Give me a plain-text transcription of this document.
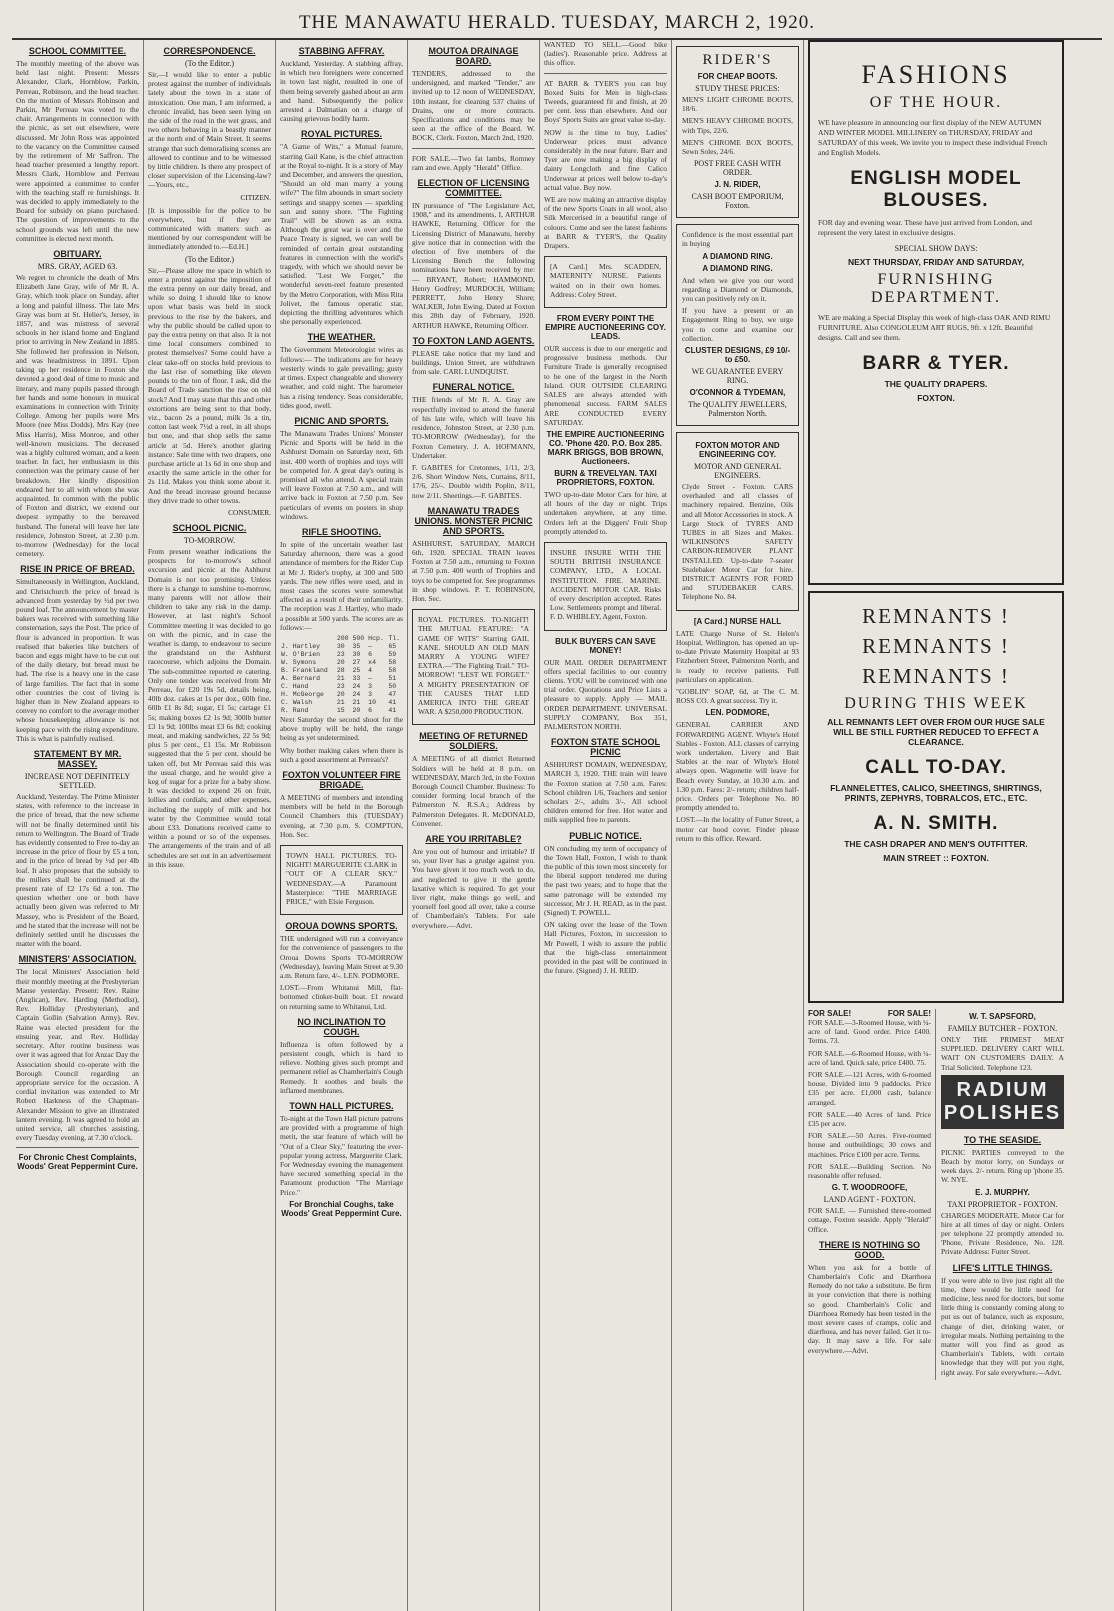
THE MANAWATU HERALD. TUESDAY, MARCH 2, 1920.
SCHOOL COMMITTEE.

The monthly meeting of the above was held last night. Present: Messrs Alexander, Clark, Hornblow, Parkin, Perreau, Robinson, and the head teacher. On the motion of Messrs Robinson and Parkin, Mr Perreau was voted to the chair. Arrangements in connection with the picnic, as set out elsewhere, were discussed. Mr John Ross was appointed to the vacancy on the Committee caused by the retirement of Mr Saffron. The head teacher presented a lengthy report. Messrs Clark, Hornblow and Perreau were appointed a committee to confer with the teaching staff re furnishings. It was decided to apply immediately to the Board for subsidy on piano purchased. The question of improvements to the school grounds was left until the new committee is elected next month.

OBITUARY.
MRS. GRAY, AGED 63.

We regret to chronicle the death of Mrs Elizabeth Jane Gray, wife of Mr R. A. Gray, which took place on Sunday, after a long and painful illness. The late Mrs Gray was born at St. Helier's, Jersey, in 1857, and was mistress of several schools in her island home and England prior to arriving in New Zealand in 1885. She followed her profession in Nelson, and was headmistress in 1891. Upon taking up her residence in Foxton she devoted a good deal of time to music and literary, and many pupils passed through her hands and some honours in musical examinations in connection with Trinity College. Among her pupils were Mrs Moore (nee Miss Dodds), Mrs Kay (nee Miss Harris), Miss Monroe, and other well-known musicians. The deceased was a highly cultured woman, and a keen teacher. In fact, her enthusiasm in this connection was the primary cause of her breakdown. Her kindly disposition endeared her to all with whom she was acquainted. In common with the public of Foxton and district, we extend our deepest sympathy to the bereaved husband. The funeral will leave her late residence, Johnston Street, at 2.30 p.m. to-morrow (Wednesday) for the local cemetery.

RISE IN PRICE OF BREAD.

Simultaneously in Wellington, Auckland, and Christchurch the price of bread is advanced from yesterday by ½d per two pound loaf. The announcement by master bakers was received with something like consternation, says the Post. The price of flour is advanced in proportion. It was realised that bakeries like butchers of bacon and eggs might have to be cut out of the daily dietary, but bread must be had. The rise is a heavy one in the case of large families. The fact that in some other countries the cost of living is higher than in New Zealand appears to convey no comfort to the average mother whose housekeeping allowance is not keeping pace with the rising expenditure. This is what is painfully realised.

STATEMENT BY MR. MASSEY.
INCREASE NOT DEFINITELY SETTLED.

Auckland, Yesterday. The Prime Minister states, with reference to the increase in the price of bread, that the new scheme will not be finally determined until his return to Wellington. The Board of Trade has evidently consented to Free to-day an increase in the price of flour by £5 a ton, and in the price of bread by ½d per 4lb loaf. It also proposes that the subsidy to the millers shall be continued at the present rate of £2 17s 6d a ton. The question whether one or both have actually been given was referred to Mr Massey, who is President of the Board, and he stated that the increase will not be definitely settled until he discusses the matter with the board.

MINISTERS' ASSOCIATION.

The local Ministers' Association held their monthly meeting at the Presbyterian Manse yesterday. Present: Rev. Raine (Anglican), Rev. Harding (Methodist), Rev. Holliday (Presbyterian), and Captain Gollin (Salvation Army). Rev. Raine was elected president for the ensuing year, and Rev. Holliday secretary. After routine business was over it was agreed that for Anzac Day the Association should co-operate with the Borough Council regarding an appropriate service for the occasion. A cordial invitation was extended to Mr Robert Harkness of the Chapman-Alexander Mission to give an illustrated lantern evening. It was agreed to hold an united service, all churches assisting, every Tuesday evening, at 7.30 o'clock.

For Chronic Chest Complaints, Woods' Great Peppermint Cure.
CORRESPONDENCE.
(To the Editor.)

Sir,—I would like to enter a public protest against the number of individuals lately about the town in a state of intoxication. One man, I am informed, a chronic invalid, has been seen lying on the side of the road in the wet grass, and two others behaving in a beastly manner at the north end of Main Street. It seems strange that such demoralising scenes are allowed to continue and to be witnessed by little children. Is there any prospect of closer supervision of the Licensing-law?—Yours, etc.,

CITIZEN.

[It is impossible for the police to be everywhere, but if they are communicated with matters such as mentioned by our correspondent will be immediately attended to.—Ed.H.]

(To the Editor.)

Sir,—Please allow me space in which to enter a protest against the imposition of the extra penny on our daily bread, and while so doing I should like to know upon what basis was held in stock previous to the rise by the bakers, and why the public should be called upon to pay the extra penny on that also. It is not time local consumers combined to protest themselves? Some could have a clear take-off on stocks held previous to the last rise of something like eleven pounds to the ton of flour. I ask, did the Board of Trade sanction the rise on old stock? And I may state that this and other extortions are being sent to that body, viz., bacon 2s a pound, milk 3s a tin, cotton last week 7½d a reel, in all shops but one, and that shop sells the same article at 5d. Here's another glaring instance: Sale time with two drapers, one purchase article at 1s 6d in one shop and exactly the same article in the other for 2s 11d. Makes you think some about it. And the bread increase ground because they drive trade to other towns.

CONSUMER.
SCHOOL PICNIC.
TO-MORROW.

From present weather indications the prospects for to-morrow's school excursion and picnic at the Ashhurst Domain is not too promising. Unless there is a change to sunshine to-morrow, many parents will not allow their children to take any risk in the damp. However, at last night's School Committee meeting it was decided to go on with the picnic, and in case the weather is damp, to endeavour to secure the grandstand on the Ashhurst racecourse, which adjoins the Domain. The sub-committee reported re catering. Only one tender was received from Mr Perreau, for £20 19s 5d, details being, 40lb doz. cakes at 1s per doz., 60lb fine, 60lb £1 8s 8d; sugar, £1 5s; cartage £1 5s; making boxes £2 1s 9d; 300lb butter £3 1s 9d; 100lbs meat £3 6s 8d; cooking meat, and making sandwiches, 22 5s 9d; plus 5 per cent., £1 15s. Mr Robinson suggested that the 5 per cent. should be taken off, but Mr Perreau said this was the usual charge, and he would give a keg of sugar for a prize for a baby show. It was decided to expend 26 on fruit, lollies and cordials, and other expenses, including the supply of milk and hot water by the Committee would total about £33. Donations received came to within a pound or so of the expenses. The arrangements of the train and of all schedules are set out in an advertisement in this issue.

STABBING AFFRAY.

Auckland, Yesterday. A stabbing affray, in which two foreigners were concerned in town last night, resulted in one of them being severely gashed about an arm and hand. Subsequently the police arrested a Dalmatian on a charge of causing grievous bodily harm.

ROYAL PICTURES.

"A Game of Wits," a Mutual feature, starring Gail Kane, is the chief attraction at the Royal to-night. It is a story of May and December, and answers the question, "Should an old man marry a young wife?" The film abounds in smart society settings and snappy scenes — sparkling sun and sunny shore. "The Fighting Trail" will be shown as an extra. Although the great war is over and the Peace Treaty is signed, we can well be reminded of certain great outstanding features in connection with the world's tragedy, with which we should never be satisfied. "Lest We Forget," the wonderful seven-reel feature presented by the Metro Corporation, with Miss Rita Jolivet, the famous operatic star, depicting the thrilling adventures which she personally experienced.

THE WEATHER.

The Government Meteorologist wires as follows:— The indications are for heavy westerly winds to gale prevailing; gusty at times. Expect changeable and showery weather, and cold night. The barometer has a rising tendency. Seas considerable, tides good, swell.

PICNIC AND SPORTS.

The Manawatu Trades Unions' Monster Picnic and Sports will be held in the Ashhurst Domain on Saturday next, 6th inst. 400 worth of trophies and toys will be competed for. A great day's outing is promised all who attend. A special train will leave Foxton at 7.50 a.m., and will arrive back in Foxton at 7.50 p.m. See particulars of events on posters in shop windows.

RIFLE SHOOTING.

In spite of the uncertain weather last Saturday afternoon, there was a good attendance of members for the Rider Cup at Mr J. Rider's trophy, at 300 and 500 yards. The new rifles were used, and in most cases the scores were somewhat affected as a result of their unfamiliarity. The reception was J. Hartley, who made a possible at 500 yards. The scores are as follows:—

	200	500	Hcp.	Tl.
J. Hartley	30	35	—	65
W. O'Brien	23	30	6	59
W. Symons	20	27	x4	58
B. Frankland	28	25	4	58
A. Bernard	21	33	—	51
C. Hand	23	24	3	50
H. McGeorge	20	24	3	47
C. Walsh	21	21	10	41
R. Rand	15	20	6	41

Next Saturday the second shoot for the above trophy will be held, the range being as yet undetermined.

Why bother making cakes when there is such a good assortment at Perreau's?

FOXTON VOLUNTEER FIRE BRIGADE.

A MEETING of members and intending members will be held in the Borough Council Chambers this (TUESDAY) evening, at 7.30 p.m. S. COMPTON, Hon. Sec.

TOWN HALL PICTURES. TO-NIGHT! MARGUERITE CLARK in "OUT OF A CLEAR SKY." WEDNESDAY.—A Paramount Masterpiece: "THE MARRIAGE PRICE," with Elsie Ferguson.

OROUA DOWNS SPORTS.

THE undersigned will run a conveyance for the convenience of passengers to the Oroua Downs Sports TO-MORROW (Wednesday), leaving Main Street at 9.30 a.m. Return fare, 4/-. LEN. PODMORE.

LOST.—From Whitanui Mill, flat-bottomed clinker-built boat. £1 reward on returning same to Whitanui, Ltd.

NO INCLINATION TO COUGH.

Influenza is often followed by a persistent cough, which is hard to relieve. Nothing gives such prompt and permanent relief as Chamberlain's Cough Remedy. It soothes and heals the inflamed membranes.

TOWN HALL PICTURES.

To-night at the Town Hall picture patrons are provided with a programme of high merit, the star feature of which will be "Out of a Clear Sky," featuring the ever-popular young actress, Marguerite Clark. For Wednesday evening the management have secured something special in the Paramount production "The Marriage Price."

For Bronchial Coughs, take Woods' Great Peppermint Cure.
MOUTOA DRAINAGE BOARD.

TENDERS, addressed to the undersigned, and marked "Tender," are invited up to 12 noon of WEDNESDAY, 10th instant, for cleaning 537 chains of Drains, one or more contracts. Specifications and conditions may be seen at the office of the Board. W. BOCK, Clerk. Foxton, March 2nd, 1920.

FOR SALE.—Two fat lambs, Romney ram and ewe. Apply "Herald" Office.

ELECTION OF LICENSING COMMITTEE.

IN pursuance of "The Legislature Act, 1908," and its amendments, I, ARTHUR HAWKE, Returning Officer for the Licensing District of Manawatu, hereby give notice that in connection with the election of five members of the Licensing Bench the following nominations have been received by me:— BRYANT, Robert; HAMMOND, Henry Godfrey; MURDOCH, William; PERRETT, John Henry Shore; WALKER, John Ewing. Dated at Foxton this 28th day of February, 1920. ARTHUR HAWKE, Returning Officer.

TO FOXTON LAND AGENTS.

PLEASE take notice that my land and buildings, Union Street, are withdrawn from sale. CARL LUNDQUIST.

FUNERAL NOTICE.

THE friends of Mr R. A. Gray are respectfully invited to attend the funeral of his late wife, which will leave his residence, Johnston Street, at 2.30 p.m. TO-MORROW (Wednesday), for the Foxton Cemetery. J. A. HOFMANN, Undertaker.

F. GABITES for Cretonnes, 1/11, 2/3, 2/6. Short Window Nets, Curtains, 8/11, 17/6, 25/-. Double width Poplin, 8/11, now 2/11. Sheetings.—F. GABITES.

MANAWATU TRADES UNIONS. MONSTER PICNIC AND SPORTS.

ASHHURST, SATURDAY, MARCH 6th, 1920. SPECIAL TRAIN leaves Foxton at 7.50 a.m., returning to Foxton at 7.50 p.m. 400 worth of Trophies and toys to be competed for. See programmes in shop windows. P. T. ROBINSON, Hon. Sec.

ROYAL PICTURES. TO-NIGHT! THE MUTUAL FEATURE: "A GAME OF WITS" Starring GAIL KANE. SHOULD AN OLD MAN MARRY A YOUNG WIFE? EXTRA.—"The Fighting Trail." TO-MORROW! "LEST WE FORGET." A MIGHTY PRESENTATION OF THE CAUSES THAT LED AMERICA INTO THE GREAT WAR. A $250,000 PRODUCTION.

MEETING OF RETURNED SOLDIERS.

A MEETING of all district Returned Soldiers will be held at 8 p.m. on WEDNESDAY, March 3rd, in the Foxton Borough Council Chamber. Business: To consider forming local branch of the Palmerston N. R.S.A.; Address by Palmerston Delegates. R. McDONALD, Convener.

ARE YOU IRRITABLE?

Are you out of humour and irritable? If so, your liver has a grudge against you. You have given it too much work to do, and neglected to give it the gentle laxative which is required. To get your liver right, make things go well, and yourself feel good all over, take a course of Chamberlain's Tablets. For sale everywhere.—Advt.

WANTED TO SELL.—Good bike (ladies'). Reasonable price. Address at this office.

AT BARR & TYER'S you can buy Boxed Suits for Men in high-class Tweeds, guaranteed fit and finish, at 20 per cent. less than elsewhere. And our Boys' Sports Suits are great value to-day.

NOW is the time to buy, Ladies' Underwear prices must advance considerably in the near future. Barr and Tyer are now making a big display of dainty Longcloth and fine Calico Underwear at prices well below to-day's actual value. Buy now.

WE are now making an attractive display of the new Sports Coats in all wool, also Silk Mercerised in a beautiful range of colours. Come and see the latest fashions at BARR & TYER'S, the Quality Drapers.

[A Card.] Mrs. SCADDEN, MATERNITY NURSE. Patients waited on in their own homes. Address: Coley Street.

FROM EVERY POINT THE EMPIRE AUCTIONEERING COY. LEADS.

OUR success is due to our energetic and progressive business methods. Our Furniture Trade is generally recognised to be one of the largest in the North Island. OUR OUTSIDE CLEARING SALES are always attended with phenomenal success. FARM SALES ARE CONDUCTED EVERY SATURDAY.

THE EMPIRE AUCTIONEERING CO. 'Phone 420. P.O. Box 285. MARK BRIGGS, BOB BROWN, Auctioneers.
BURN & TREVELYAN. TAXI PROPRIETORS, FOXTON.

TWO up-to-date Motor Cars for hire, at all hours of the day or night. Trips undertaken anywhere, at any time. Orders left at the Diggers' Fruit Shop promptly attended to.

INSURE INSURE WITH THE SOUTH BRITISH INSURANCE COMPANY, LTD., A LOCAL INSTITUTION. FIRE. MARINE. ACCIDENT. MOTOR CAR. Risks of every description accepted. Rates Low. Settlements prompt and liberal. F. D. WHIBLEY, Agent, Foxton.

BULK BUYERS CAN SAVE MONEY!

OUR MAIL ORDER DEPARTMENT offers special facilities to our country clients. YOU will be convinced with one trial order. Quotations and Price Lists a pleasure to supply. Apply — MAIL ORDER DEPARTMENT. UNIVERSAL SUPPLY COMPANY, Box 351, PALMERSTON NORTH.

FOXTON STATE SCHOOL PICNIC

ASHHURST DOMAIN, WEDNESDAY, MARCH 3, 1920. THE train will leave the Foxton station at 7.50 a.m. Fares: School children 1/6, Teachers and senior scholars 2/-, adults 3/-. All school children entered for free. Hot water and milk supplied free to parents.

PUBLIC NOTICE.

ON concluding my term of occupancy of the Town Hall, Foxton, I wish to thank the public of this town most sincerely for the liberal support tendered me during the past two years; and to hope that the same patronage will be extended my successor, Mr J. H. READ, as in the past. (Signed) T. POWELL.

ON taking over the lease of the Town Hall Pictures, Foxton, in succession to Mr Powell, I wish to assure the public that the high-class entertainment provided in the past will be continued in the future. (Signed) J. H. REID.

RIDER'S
FOR CHEAP BOOTS.
STUDY THESE PRICES:

MEN'S LIGHT CHROME BOOTS, 18/6.

MEN'S HEAVY CHROME BOOTS, with Tips, 22/6.

MEN'S CHROME BOX BOOTS, Sewn Soles, 24/6.

POST FREE CASH WITH ORDER.
J. N. RIDER,
CASH BOOT EMPORIUM, Foxton.

Confidence is the most essential part in buying

A DIAMOND RING.
A DIAMOND RING.

And when we give you our word regarding a Diamond or Diamonds, you can positively rely on it.

If you have a present or an Engagement Ring to buy, we urge you to come and examine our collection.

CLUSTER DESIGNS, £9 10/- to £50.
WE GUARANTEE EVERY RING.
O'CONNOR & TYDEMAN,
The QUALITY JEWELLERS, Palmerston North.
FOXTON MOTOR AND ENGINEERING COY.
MOTOR AND GENERAL ENGINEERS.

Clyde Street - Foxton. CARS overhauled and all classes of machinery repaired. Benzine, Oils and all Motor Accessories in stock. A Large Stock of TYRES AND TUBES in all Sizes and Makes. WILKINSON'S SAFETY CARBON-REMOVER PLANT INSTALLED. Up-to-date 7-seater Studebaker Motor Car for hire. DISTRICT AGENTS FOR FORD and STUDEBAKER CARS. Telephone No. 84.

[A Card.] NURSE HALL

LATE Charge Nurse of St. Helen's Hospital, Wellington, has opened an up-to-date Private Maternity Hospital at 93 Fitzherbert Street, Palmerston North, and is ready to receive patients. Full particulars on application.

"GOBLIN" SOAP, 6d, at The C. M. ROSS CO. A great success. Try it.

LEN. PODMORE,

GENERAL CARRIER AND FORWARDING AGENT. Whyte's Hotel Stables - Foxton. ALL classes of carrying work undertaken. Livery and Bait Stables at the rear of Whyte's Hotel always open. Wagonette will leave for Beach every Sunday, at 10.30 a.m. and 1.30 p.m. Fares: 2/- return; children half-price. Orders per Telephone No. 80 promptly attended to.

LOST.—In the locality of Futter Street, a motor car hood cover. Finder please return to this office. Reward.

FASHIONS
OF THE HOUR.

WE have pleasure in announcing our first display of the NEW AUTUMN AND WINTER MODEL MILLINERY on THURSDAY, FRIDAY and SATURDAY of this week. We invite you to inspect these individual French and English Models.

ENGLISH MODEL BLOUSES.

FOR day and evening wear. These have just arrived from London, and represent the very latest in exclusive designs.

SPECIAL SHOW DAYS:
NEXT THURSDAY, FRIDAY AND SATURDAY,
FURNISHING DEPARTMENT.

WE are making a Special Display this week of high-class OAK AND RIMU FURNITURE. Also CONGOLEUM ART RUGS, 9ft. x 12ft. Beautiful designs. Call and see them.

BARR & TYER.
THE QUALITY DRAPERS.
FOXTON.
REMNANTS !
REMNANTS !
REMNANTS !
DURING THIS WEEK
ALL REMNANTS LEFT OVER FROM OUR HUGE SALE WILL BE STILL FURTHER REDUCED TO EFFECT A CLEARANCE.
CALL TO-DAY.
FLANNELETTES, CALICO, SHEETINGS, SHIRTINGS, PRINTS, ZEPHYRS, TOBRALCOS, ETC., ETC.
A. N. SMITH.
THE CASH DRAPER AND MEN'S OUTFITTER.
MAIN STREET :: FOXTON.
FOR SALE!	FOR SALE!

FOR SALE.—3-Roomed House, with ¼-acre of land. Good order. Price £400. Terms. 73.

FOR SALE.—6-Roomed House, with ¼-acre of land. Quick sale, price £400. 75.

FOR SALE.—121 Acres, with 6-roomed house. Divided into 9 paddocks. Price £35 per acre. £1,000 cash, balance arranged.

FOR SALE.—40 Acres of land. Price £35 per acre.

FOR SALE.—50 Acres. Five-roomed house and outbuildings; 30 cows and machines. Price £100 per acre. Terms.

FOR SALE.—Building Section. No reasonable offer refused.

G. T. WOODROOFE,
LAND AGENT - FOXTON.

FOR SALE. — Furnished three-roomed cottage, Foxton seaside. Apply "Herald" Office.

THERE IS NOTHING SO GOOD.

When you ask for a bottle of Chamberlain's Colic and Diarrhoea Remedy do not take a substitute. Be firm in your conviction that there is nothing so good. Chamberlain's Colic and Diarrhoea Remedy has been tested in the most severe cases of cramps, colic and diarrhoea, and has never failed. Get it to-day. It may save a life. For sale everywhere.—Advt.

W. T. SAPSFORD,
FAMILY BUTCHER - FOXTON.

ONLY THE PRIMEST MEAT SUPPLIED. DELIVERY CART WILL WAIT ON CUSTOMERS DAILY. A Trial Solicited. Telephone 123.

RADIUM POLISHES
TO THE SEASIDE.

PICNIC PARTIES conveyed to the Beach by motor lorry, on Sundays or week days. 2/- return. Ring up 'phone 35. W. NYE.

E. J. MURPHY.
TAXI PROPRIETOR - FOXTON.

CHARGES MODERATE. Motor Car for hire at all times of day or night. Orders per telephone 22 promptly attended to. 'Phone, Private Residence, No. 128. Private Address: Futter Street.

LIFE'S LITTLE THINGS.

If you were able to live just right all the time, there would be little need for medicine, less need for doctors, but some little thing is constantly coming along to put us out of balance, such as exposure, change of diet, drinking water, or irregular meals. Nothing pertaining to the matter will you find as good as Chamberlain's Tablets, with certain knowledge that they will put you right, right away. For sale everywhere.—Advt.
